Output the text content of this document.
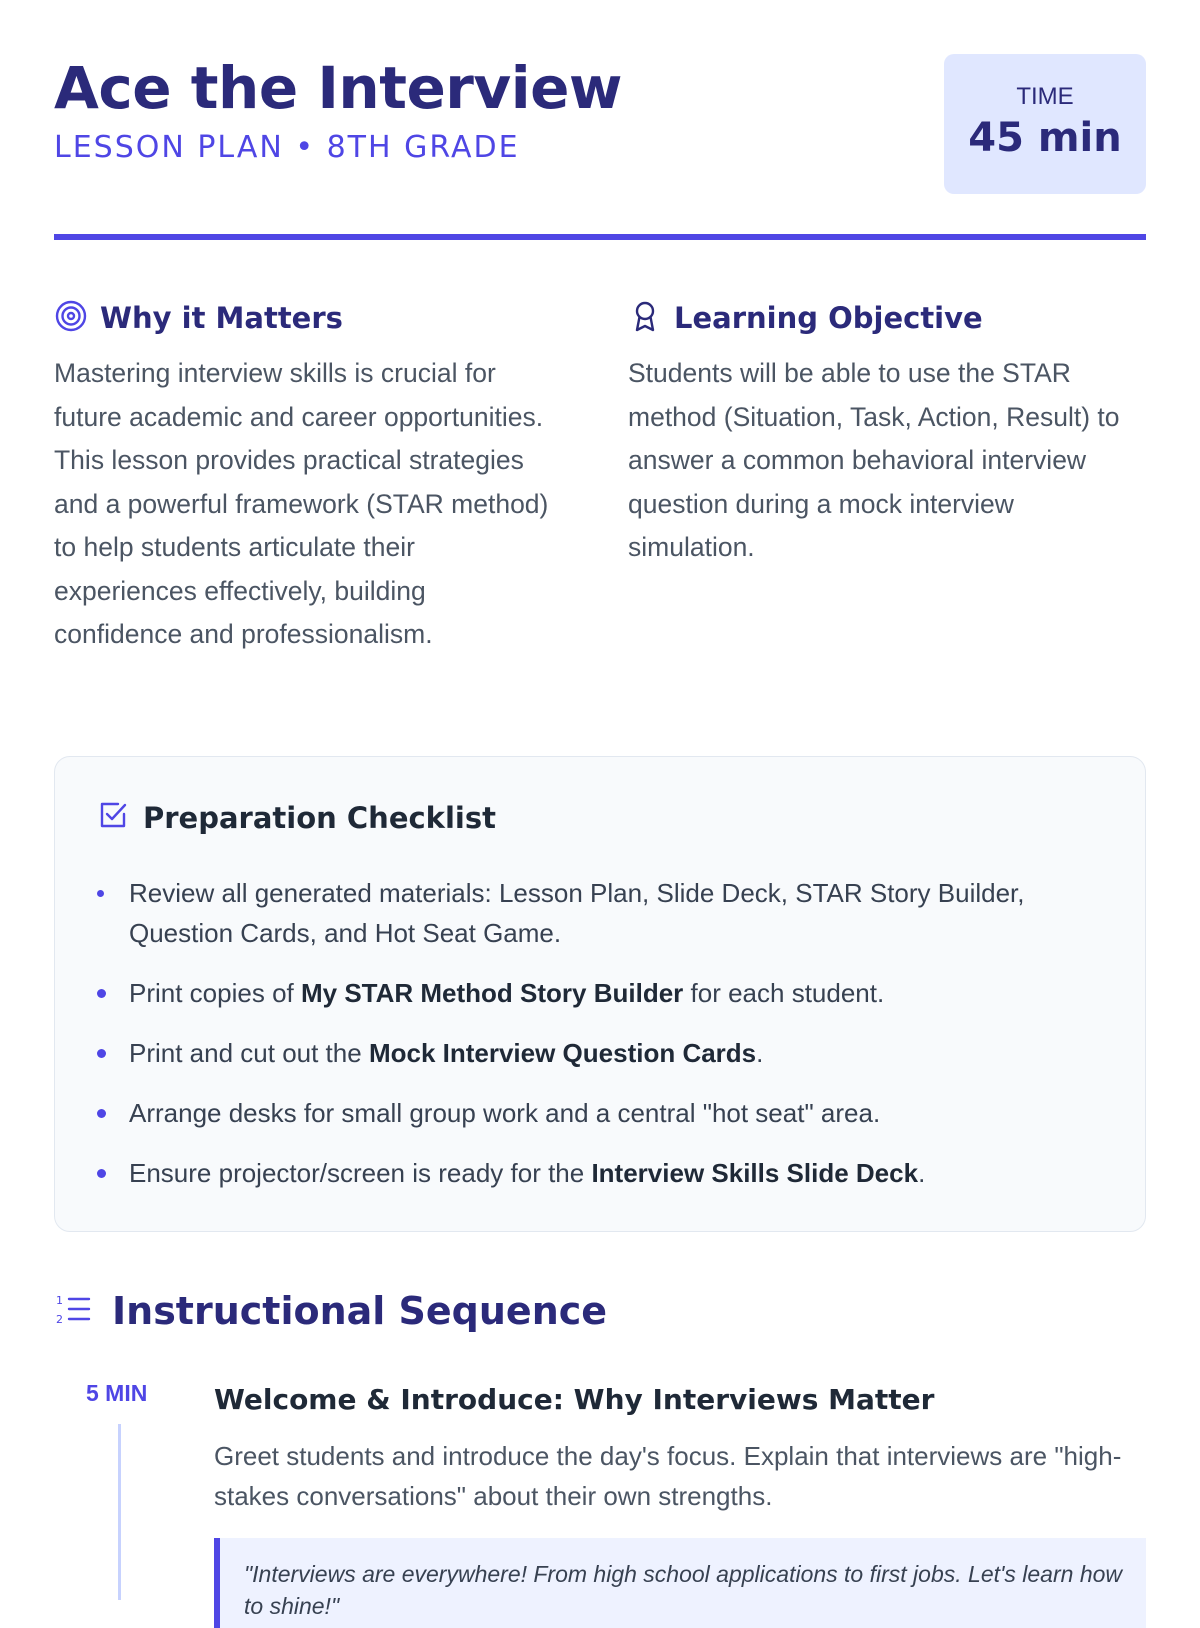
Ace the Interview
LESSON PLAN • 8TH GRADE
TIME
45 min
Why it Matters
Mastering interview skills is crucial for future academic and career opportunities. This lesson provides practical strategies and a powerful framework (STAR method) to help students articulate their experiences effectively, building confidence and professionalism.
Learning Objective
Students will be able to use the STAR method (Situation, Task, Action, Result) to answer a common behavioral interview question during a mock interview simulation.
Preparation Checklist
Review all generated materials: Lesson Plan, Slide Deck, STAR Story Builder, Question Cards, and Hot Seat Game.
Print copies of My STAR Method Story Builder for each student.
Print and cut out the Mock Interview Question Cards.
Arrange desks for small group work and a central "hot seat" area.
Ensure projector/screen is ready for the Interview Skills Slide Deck.
1
2 Instructional Sequence
5 MIN	Welcome & Introduce: Why Interviews Matter
Greet students and introduce the day's focus. Explain that interviews are "high-stakes conversations" about their own strengths.
"Interviews are everywhere! From high school applications to first jobs. Let's learn how to shine!"
